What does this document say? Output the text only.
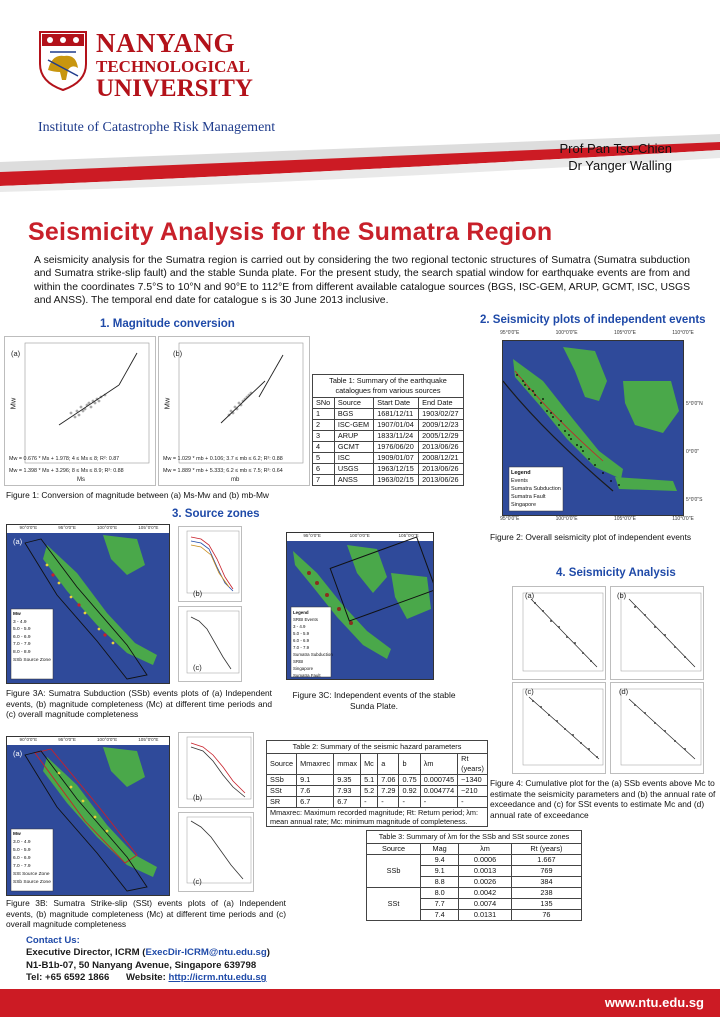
NANYANG
TECHNOLOGICAL
UNIVERSITY
Institute of Catastrophe Risk Management
Prof Pan Tso-Chien
Dr Yanger Walling
Seismicity Analysis for the Sumatra Region
A seismicity analysis for the Sumatra region is carried out by considering the two regional tectonic structures of Sumatra (Sumatra subduction and Sumatra strike-slip fault) and the stable Sunda plate. For the present study, the search spatial window for earthquake events are from and within the coordinates 7.5°S to 10°N and 90°E to 112°E from different available catalogue sources (BGS, ISC-GEM, ARUP, GCMT, ISC, USGS and ANSS). The temporal end date for catalogue s is 30 June 2013 inclusive.
1. Magnitude conversion
(a)
Mw
Ms
Mw = 0.676 * Ms + 1.978; 4 ≤ Ms ≤ 8; R²: 0.87
Mw = 1.398 * Ms + 3.296; 8 ≤ Ms ≤ 8.9; R²: 0.88
(b)
Mw
mb
Mw = 1.029 * mb + 0.106; 3.7 ≤ mb ≤ 6.2; R²: 0.88
Mw = 1.889 * mb + 5.333; 6.2 ≤ mb ≤ 7.5; R²: 0.64
Figure 1: Conversion of magnitude between (a) Ms-Mw and (b) mb-Mw
Table 1: Summary of the earthquake catalogues from various sources
SNo	Source	Start Date	End Date
1	BGS	1681/12/11	1903/02/27
2	ISC-GEM	1907/01/04	2009/12/23
3	ARUP	1833/11/24	2005/12/29
4	GCMT	1976/06/20	2013/06/26
5	ISC	1909/01/07	2008/12/21
6	USGS	1963/12/15	2013/06/26
7	ANSS	1963/02/15	2013/06/26
2. Seismicity plots of independent events
95°0'0"E	100°0'0"E	105°0'0"E	110°0'0"E
Legend
Events
Sumatra Subduction
Sumatra Fault
Singapore
5°0'0"N
0°0'0"
5°0'0"S
95°0'0"E	100°0'0"E	105°0'0"E	110°0'0"E
Figure 2: Overall seismicity plot of independent events
3. Source zones
90°0'0"E	95°0'0"E	100°0'0"E	105°0'0"E
(a)
Mw
3 - 4.9
5.0 - 5.9
6.0 - 6.9
7.0 - 7.9
8.0 - 8.9
SSb Source Zone
(b)
(c)
Figure 3A: Sumatra Subduction (SSb) events plots of (a) Independent events, (b) magnitude completeness (Mc) at different time periods and (c) overall magnitude completeness
95°0'0"E	100°0'0"E	105°0'0"E
Legend
SRBI Events
3 - 4.9
5.0 - 5.9
6.0 - 6.9
7.0 - 7.9
Sumatra Subduction
SRBI
Singapore
Sumatra Fault
Figure 3C: Independent events of the stable Sunda Plate.
90°0'0"E	95°0'0"E	100°0'0"E	105°0'0"E
(a)
Mw
3.0 - 4.9
5.0 - 5.9
6.0 - 6.9
7.0 - 7.9
SSt Source Zone
SSb Source Zone
(b)
(c)
Figure 3B: Sumatra Strike-slip (SSt) events plots of (a) Independent events, (b) magnitude completeness (Mc) at different time periods and (c) overall magnitude completeness
Table 2: Summary of the seismic hazard parameters
Source	Mmaxrec	mmax	Mc	a	b	λm	Rt (years)
SSb	9.1	9.35	5.1	7.06	0.75	0.000745	~1340
SSt	7.6	7.93	5.2	7.29	0.92	0.004774	~210
SR	6.7	6.7	-	-	-	-	-
Mmaxrec: Maximum recorded magnitude; Rt: Return period; λm: mean annual rate; Mc: minimum magnitude of completeness.							
4. Seismicity Analysis
(a)	(b)
(c)	(d)
Figure 4: Cumulative plot for the (a) SSb events above Mc to estimate the seismicity parameters and (b) the annual rate of exceedance and (c) for SSt events to estimate Mc and (d) annual rate of exceedance
Table 3: Summary of λm for the SSb and SSt source zones
Source	Mag	λm	Rt (years)
SSb	9.4	0.0006	1.667
	9.1	0.0013	769
	8.8	0.0026	384
SSt	8.0	0.0042	238
	7.7	0.0074	135
	7.4	0.0131	76
Contact Us:
Executive Director, ICRM (ExecDir-ICRM@ntu.edu.sg)
N1-B1b-07, 50 Nanyang Avenue, Singapore 639798
Tel: +65 6592 1866 Website: http://icrm.ntu.edu.sg
www.ntu.edu.sg
